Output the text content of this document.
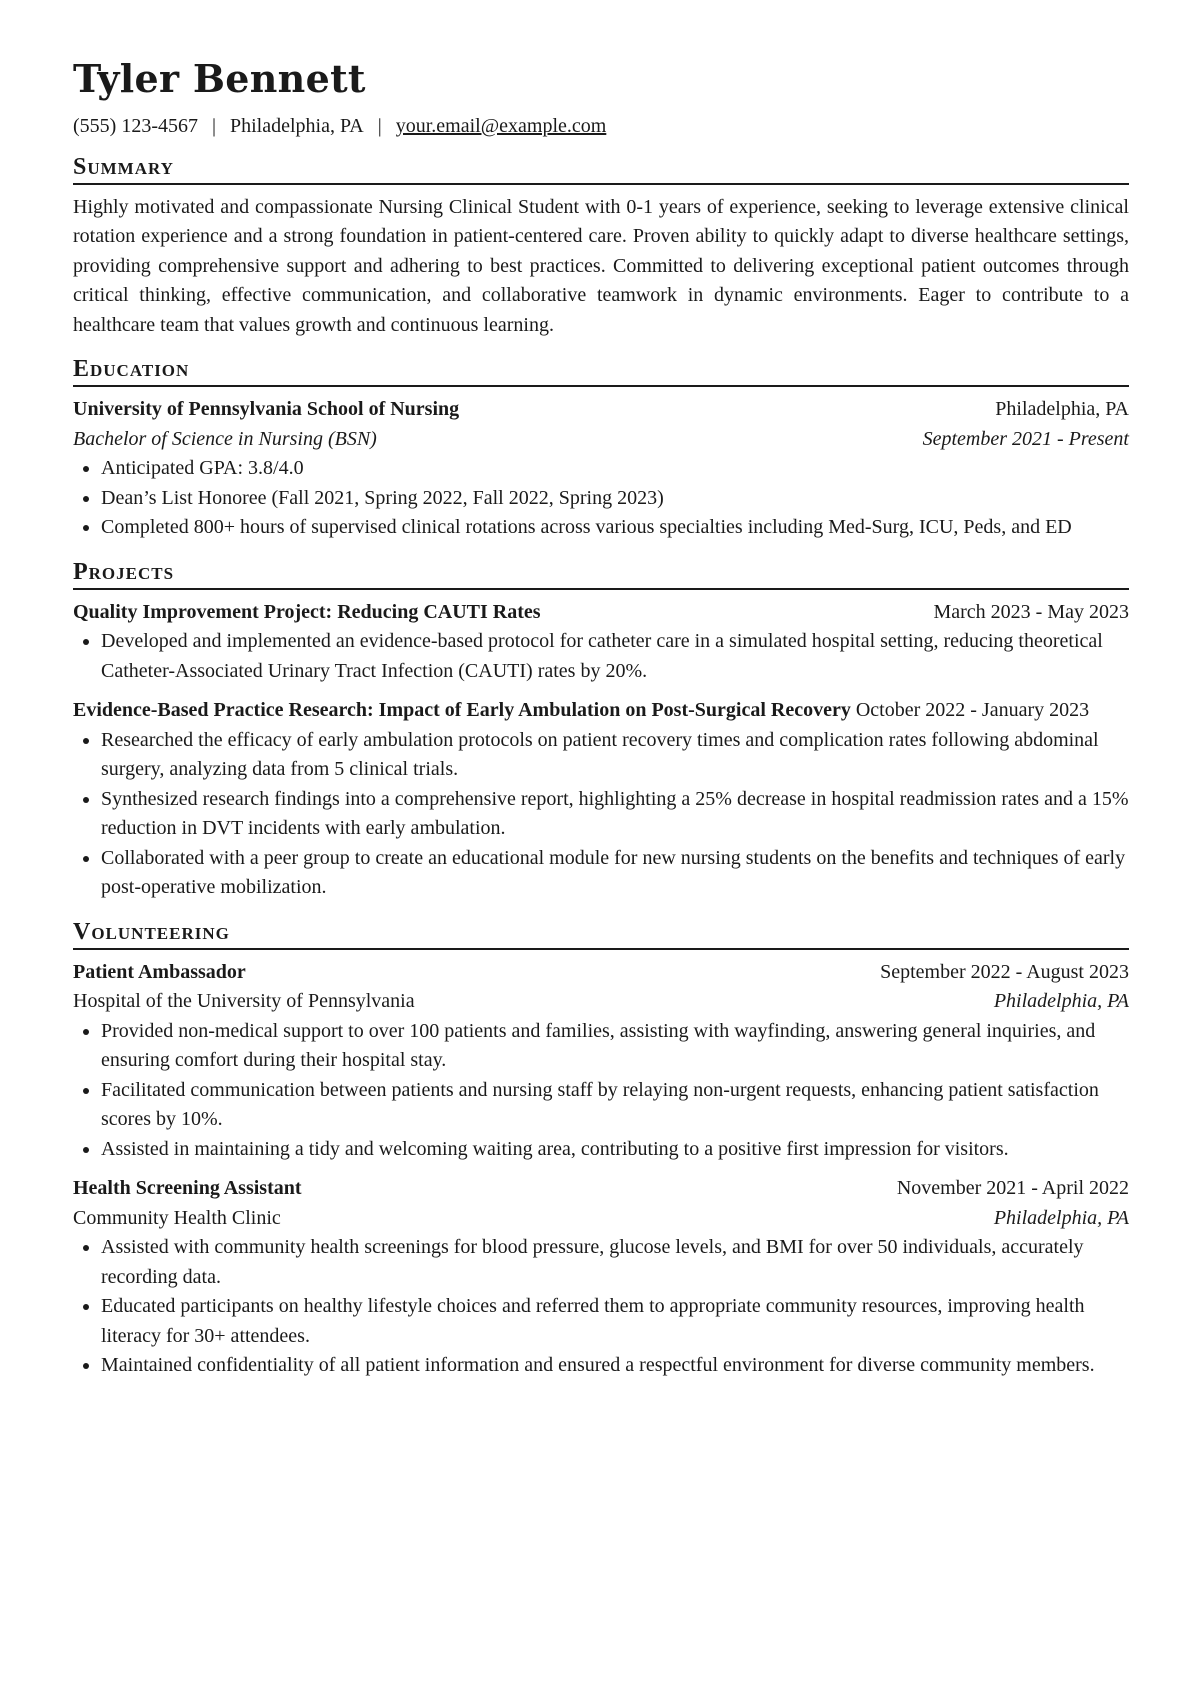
Tyler Bennett
(555) 123-4567 | Philadelphia, PA | your.email@example.com
Summary

Highly motivated and compassionate Nursing Clinical Student with 0-1 years of experience, seeking to leverage extensive clinical rotation experience and a strong foundation in patient-centered care. Proven ability to quickly adapt to diverse healthcare settings, providing comprehensive support and adhering to best practices. Committed to delivering exceptional patient outcomes through critical thinking, effective communication, and collaborative teamwork in dynamic environments. Eager to contribute to a healthcare team that values growth and continuous learning.

Education
University of Pennsylvania School of Nursing	Philadelphia, PA
Bachelor of Science in Nursing (BSN)	September 2021 - Present
• Anticipated GPA: 3.8/4.0
• Dean’s List Honoree (Fall 2021, Spring 2022, Fall 2022, Spring 2023)
• Completed 800+ hours of supervised clinical rotations across various specialties including Med-Surg, ICU, Peds, and ED
Projects
Quality Improvement Project: Reducing CAUTI Rates	March 2023 - May 2023
• Developed and implemented an evidence-based protocol for catheter care in a simulated hospital setting, reducing theoretical Catheter-Associated Urinary Tract Infection (CAUTI) rates by 20%.
Evidence-Based Practice Research: Impact of Early Ambulation on Post-Surgical Recovery October 2022 - January 2023
• Researched the efficacy of early ambulation protocols on patient recovery times and complication rates following abdominal surgery, analyzing data from 5 clinical trials.
• Synthesized research findings into a comprehensive report, highlighting a 25% decrease in hospital readmission rates and a 15% reduction in DVT incidents with early ambulation.
• Collaborated with a peer group to create an educational module for new nursing students on the benefits and techniques of early post-operative mobilization.
Volunteering
Patient Ambassador	September 2022 - August 2023
Hospital of the University of Pennsylvania	Philadelphia, PA
• Provided non-medical support to over 100 patients and families, assisting with wayfinding, answering general inquiries, and ensuring comfort during their hospital stay.
• Facilitated communication between patients and nursing staff by relaying non-urgent requests, enhancing patient satisfaction scores by 10%.
• Assisted in maintaining a tidy and welcoming waiting area, contributing to a positive first impression for visitors.
Health Screening Assistant	November 2021 - April 2022
Community Health Clinic	Philadelphia, PA
• Assisted with community health screenings for blood pressure, glucose levels, and BMI for over 50 individuals, accurately recording data.
• Educated participants on healthy lifestyle choices and referred them to appropriate community resources, improving health literacy for 30+ attendees.
• Maintained confidentiality of all patient information and ensured a respectful environment for diverse community members.
